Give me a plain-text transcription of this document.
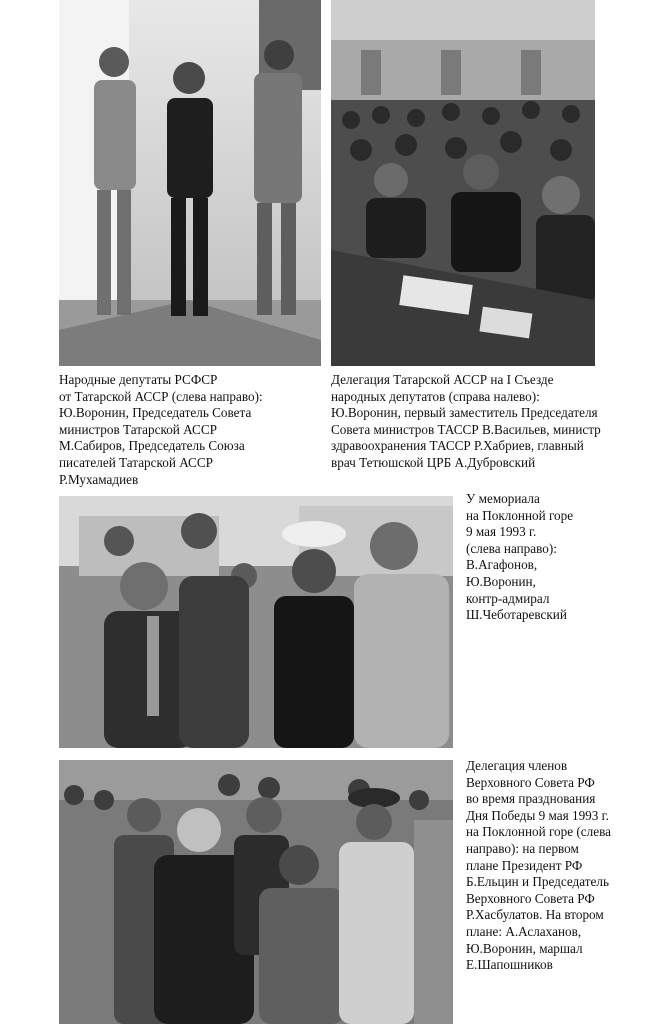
Народные депутаты РСФСР
от Татарской АССР (слева направо):
Ю.Воронин, Председатель Совета
министров Татарской АССР
М.Сабиров, Председатель Союза
писателей Татарской АССР
Р.Мухамадиев

Делегация Татарской АССР на I Съезде
народных депутатов (справа налево):
Ю.Воронин, первый заместитель Председателя
Совета министров ТАССР В.Васильев, министр
здравоохранения ТАССР Р.Хабриев, главный
врач Тетюшской ЦРБ А.Дубровский

У мемориала
на Поклонной горе
9 мая 1993 г.
(слева направо):
В.Агафонов,
Ю.Воронин,
контр-адмирал
Ш.Чеботаревский

Делегация членов
Верховного Совета РФ
во время празднования
Дня Победы 9 мая 1993 г.
на Поклонной горе (слева
направо): на первом
плане Президент РФ
Б.Ельцин и Председатель
Верховного Совета РФ
Р.Хасбулатов. На втором
плане: А.Аслаханов,
Ю.Воронин, маршал
Е.Шапошников
